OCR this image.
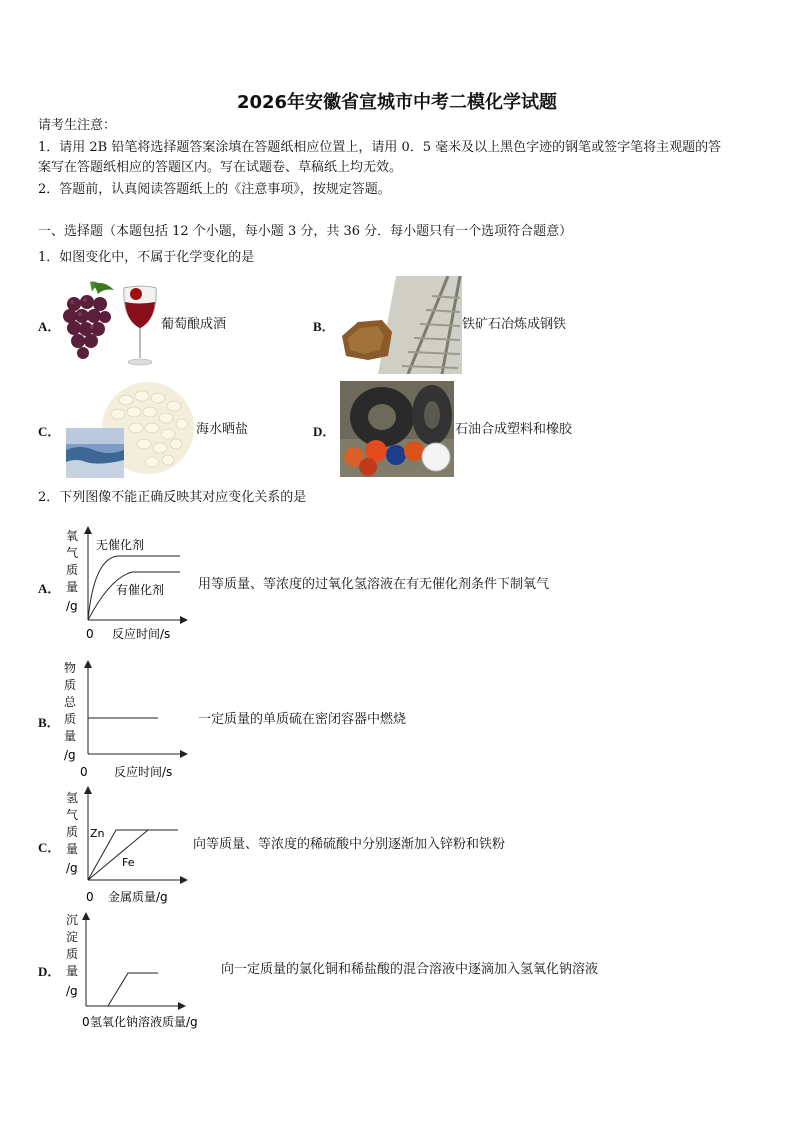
2026年安徽省宣城市中考二模化学试题
请考生注意：
1．请用 2B 铅笔将选择题答案涂填在答题纸相应位置上，请用 0．5 毫米及以上黑色字迹的钢笔或签字笔将主观题的答
案写在答题纸相应的答题区内。写在试题卷、草稿纸上均无效。
2．答题前，认真阅读答题纸上的《注意事项》，按规定答题。
一、选择题（本题包括 12 个小题，每小题 3 分，共 36 分．每小题只有一个选项符合题意）
1．如图变化中，不属于化学变化的是
A．	葡萄酿成酒	B．	铁矿石冶炼成钢铁
C．	海水晒盐	D．	石油合成塑料和橡胶
2．下列图像不能正确反映其对应变化关系的是
A．
氧
气
质
量
/g
0 反应时间/s
无催化剂
有催化剂	用等质量、等浓度的过氧化氢溶液在有无催化剂条件下制氧气
B．
物
质
总
质
量
/g
0 反应时间/s
一定质量的单质硫在密闭容器中燃烧
C．
氢
气
质
量
/g
0 金属质量/g
Zn
Fe
向等质量、等浓度的稀硫酸中分别逐渐加入锌粉和铁粉
D．
沉
淀
质
量
/g
0 氢氧化钠溶液质量/g
向一定质量的氯化铜和稀盐酸的混合溶液中逐滴加入氢氧化钠溶液
